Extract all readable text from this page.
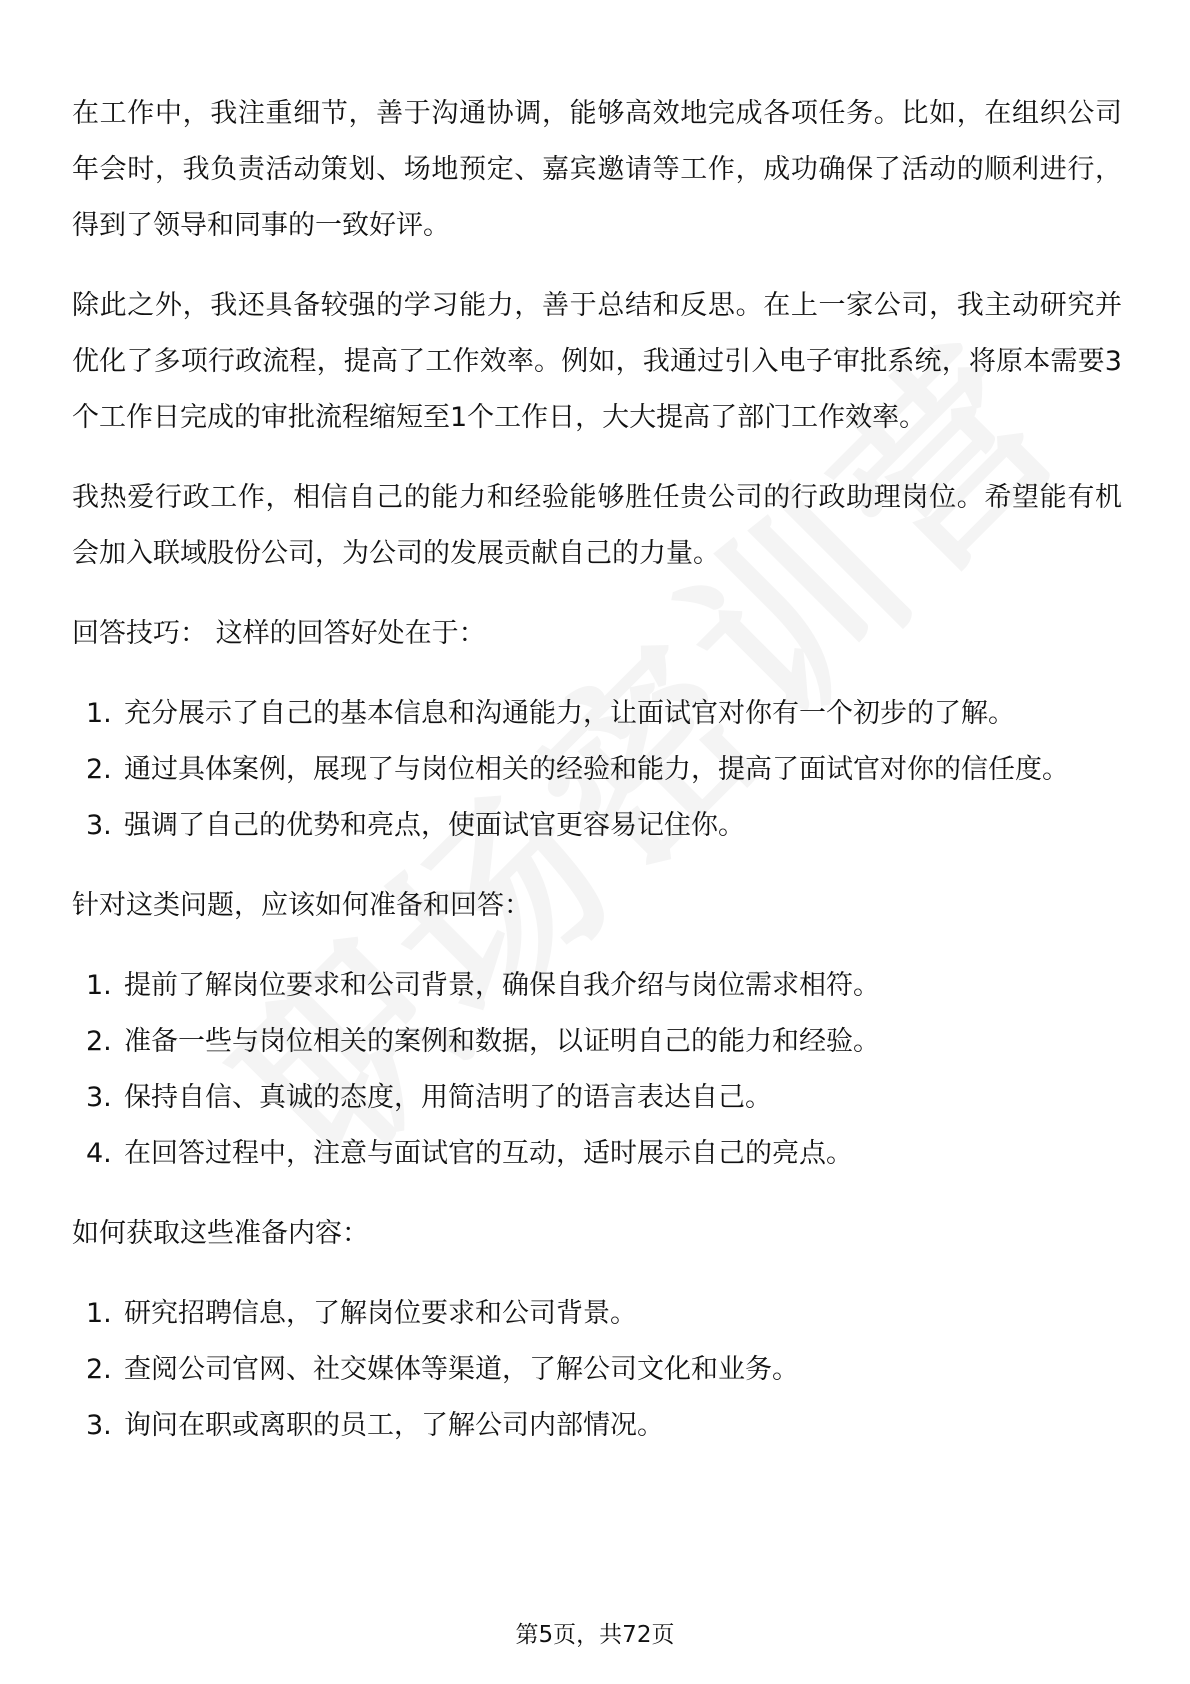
在工作中，我注重细节，善于沟通协调，能够高效地完成各项任务。比如，在组织公司年会时，我负责活动策划、场地预定、嘉宾邀请等工作，成功确保了活动的顺利进行，得到了领导和同事的一致好评。

除此之外，我还具备较强的学习能力，善于总结和反思。在上一家公司，我主动研究并优化了多项行政流程，提高了工作效率。例如，我通过引入电子审批系统，将原本需要3个工作日完成的审批流程缩短至1个工作日，大大提高了部门工作效率。

我热爱行政工作，相信自己的能力和经验能够胜任贵公司的行政助理岗位。希望能有机会加入联域股份公司，为公司的发展贡献自己的力量。

回答技巧： 这样的回答好处在于：

1. 充分展示了自己的基本信息和沟通能力，让面试官对你有一个初步的了解。
2. 通过具体案例，展现了与岗位相关的经验和能力，提高了面试官对你的信任度。
3. 强调了自己的优势和亮点，使面试官更容易记住你。

针对这类问题，应该如何准备和回答：

1. 提前了解岗位要求和公司背景，确保自我介绍与岗位需求相符。
2. 准备一些与岗位相关的案例和数据，以证明自己的能力和经验。
3. 保持自信、真诚的态度，用简洁明了的语言表达自己。
4. 在回答过程中，注意与面试官的互动，适时展示自己的亮点。

如何获取这些准备内容：

1. 研究招聘信息，了解岗位要求和公司背景。
2. 查阅公司官网、社交媒体等渠道，了解公司文化和业务。
3. 询问在职或离职的员工，了解公司内部情况。
第5页，共72页
